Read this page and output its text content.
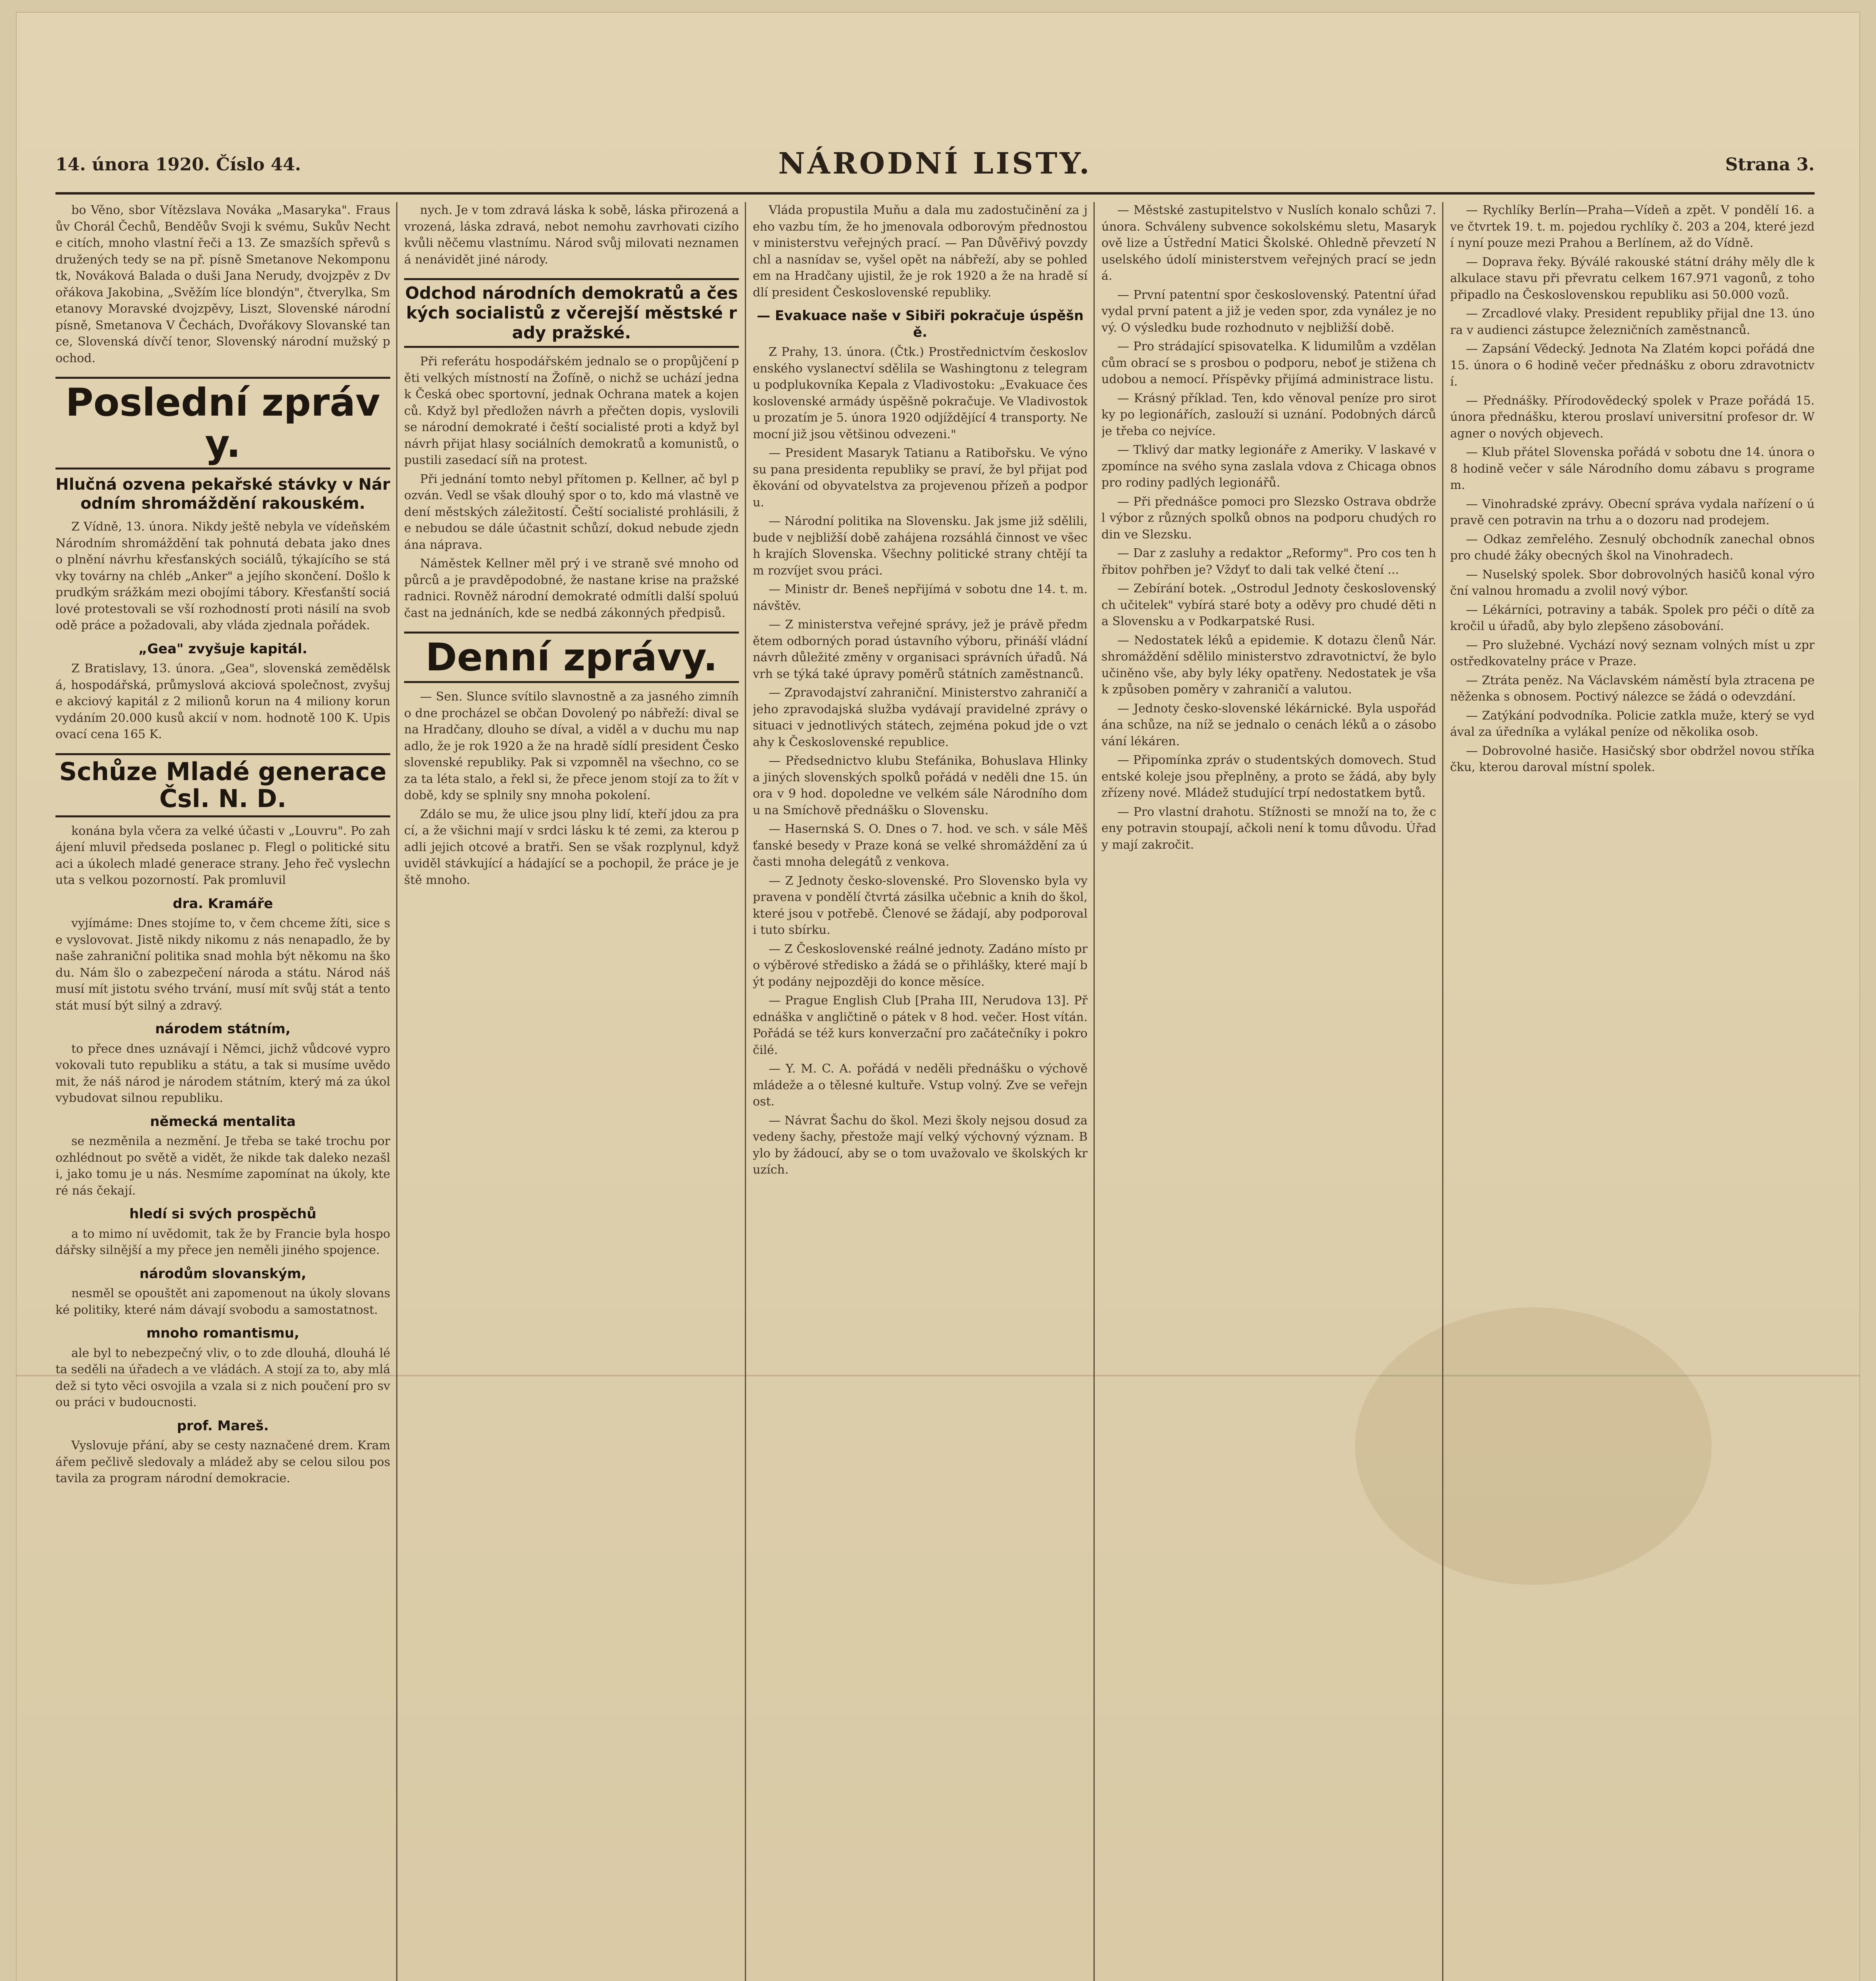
14. února 1920. Číslo 44.	NÁRODNÍ LISTY.	Strana 3.

bo Věno, sbor Vítězslava Nováka „Masaryka". Frausův Chorál Čechů, Benděův Svoji k svému, Sukův Nechte citích, mnoho vlastní řeči a 13. Ze smazších spřevů sdružených tedy se na př. písně Smetanove Nekomponutk, Nováková Balada o duši Jana Nerudy, dvojzpěv z Dvořákova Jakobina, „Svěžím líce blondýn", čtverylka, Smetanovy Moravské dvojzpěvy, Liszt, Slovenské národní písně, Smetanova V Čechách, Dvořákovy Slovanské tance, Slovenská dívčí tenor, Slovenský národní mužský pochod.

Poslední zprávy.
Hlučná ozvena pekařské stávky v Národním shromáždění rakouském.

Z Vídně, 13. února. Nikdy ještě nebyla ve vídeňském Národním shromáždění tak pohnutá debata jako dnes o plnění návrhu křesťanských sociálů, týkajícího se stávky továrny na chléb „Anker" a jejího skončení. Došlo k prudkým srážkám mezi obojími tábory. Křesťanští sociálové protestovali se vší rozhodností proti násilí na svobodě práce a požadovali, aby vláda zjednala pořádek.

„Gea" zvyšuje kapitál.

Z Bratislavy, 13. února. „Gea", slovenská zemědělská, hospodářská, průmyslová akciová společnost, zvyšuje akciový kapitál z 2 milionů korun na 4 miliony korun vydáním 20.000 kusů akcií v nom. hodnotě 100 K. Upisovací cena 165 K.

Schůze Mladé generace Čsl. N. D.

konána byla včera za velké účasti v „Louvru". Po zahájení mluvil předseda poslanec p. Flegl o politické situaci a úkolech mladé generace strany. Jeho řeč vyslechnuta s velkou pozorností. Pak promluvil

dra. Kramáře

vyjímáme: Dnes stojíme to, v čem chceme žíti, sice se vyslovovat. Jistě nikdy nikomu z nás nenapadlo, že by naše zahraniční politika snad mohla být někomu na škodu. Nám šlo o zabezpečení národa a státu. Národ náš musí mít jistotu svého trvání, musí mít svůj stát a tento stát musí být silný a zdravý.

národem státním,

to přece dnes uznávají i Němci, jichž vůdcové vyprovokovali tuto republiku a státu, a tak si musíme uvědomit, že náš národ je národem státním, který má za úkol vybudovat silnou republiku.

německá mentalita

se nezměnila a nezmění. Je třeba se také trochu porozhlédnout po světě a vidět, že nikde tak daleko nezašli, jako tomu je u nás. Nesmíme zapomínat na úkoly, které nás čekají.

hledí si svých prospěchů

a to mimo ní uvědomit, tak že by Francie byla hospodářsky silnější a my přece jen neměli jiného spojence.

národům slovanským,

nesměl se opouštět ani zapomenout na úkoly slovanské politiky, které nám dávají svobodu a samostatnost.

mnoho romantismu,

ale byl to nebezpečný vliv, o to zde dlouhá, dlouhá léta seděli na úřadech a ve vládách. A stojí za to, aby mládež si tyto věci osvojila a vzala si z nich poučení pro svou práci v budoucnosti.

prof. Mareš.

Vyslovuje přání, aby se cesty naznačené drem. Kramářem pečlivě sledovaly a mládež aby se celou silou postavila za program národní demokracie.

nych. Je v tom zdravá láska k sobě, láska přirozená a vrozená, láska zdravá, nebot nemohu zavrhovati cizího kvůli něčemu vlastnímu. Národ svůj milovati neznamená nenávidět jiné národy.

Odchod národních demokratů a českých socialistů z včerejší městské rady pražské.

Při referátu hospodářském jednalo se o propůjčení pěti velkých místností na Žofíně, o nichž se uchází jednak Česká obec sportovní, jednak Ochrana matek a kojenců. Když byl předložen návrh a přečten dopis, vyslovili se národní demokraté i čeští socialisté proti a když byl návrh přijat hlasy sociálních demokratů a komunistů, opustili zasedací síň na protest.

Při jednání tomto nebyl přítomen p. Kellner, ač byl pozván. Vedl se však dlouhý spor o to, kdo má vlastně vedení městských záležitostí. Čeští socialisté prohlásili, že nebudou se dále účastnit schůzí, dokud nebude zjednána náprava.

Náměstek Kellner měl prý i ve straně své mnoho odpůrců a je pravděpodobné, že nastane krise na pražské radnici. Rovněž národní demokraté odmítli další spoluúčast na jednáních, kde se nedbá zákonných předpisů.

Denní zprávy.

— Sen. Slunce svítilo slavnostně a za jasného zimního dne procházel se občan Dovolený po nábřeží: dival se na Hradčany, dlouho se díval, a viděl a v duchu mu napadlo, že je rok 1920 a že na hradě sídlí president Československé republiky. Pak si vzpomněl na všechno, co se za ta léta stalo, a řekl si, že přece jenom stojí za to žít v době, kdy se splnily sny mnoha pokolení.

Zdálo se mu, že ulice jsou plny lidí, kteří jdou za prací, a že všichni mají v srdci lásku k té zemi, za kterou padli jejich otcové a bratři. Sen se však rozplynul, když uviděl stávkující a hádající se a pochopil, že práce je ještě mnoho.

Vláda propustila Muňu a dala mu zadostučinění za jeho vazbu tím, že ho jmenovala odborovým přednostou v ministerstvu veřejných prací. — Pan Důvěřivý povzdychl a nasnídav se, vyšel opět na nábřeží, aby se pohledem na Hradčany ujistil, že je rok 1920 a že na hradě sídlí president Československé republiky.

— Evakuace naše v Sibiři pokračuje úspěšně.

Z Prahy, 13. února. (Čtk.) Prostřednictvím československého vyslanectví sdělila se Washingtonu z telegramu podplukovníka Kepala z Vladivostoku: „Evakuace československé armády úspěšně pokračuje. Ve Vladivostoku prozatím je 5. února 1920 odjíždějící 4 transporty. Nemocní již jsou většinou odvezeni."

— President Masaryk Tatianu a Ratibořsku. Ve výnosu pana presidenta republiky se praví, že byl přijat poděkování od obyvatelstva za projevenou přízeň a podporu.

— Národní politika na Slovensku. Jak jsme již sdělili, bude v nejbližší době zahájena rozsáhlá činnost ve všech krajích Slovenska. Všechny politické strany chtějí tam rozvíjet svou práci.

— Ministr dr. Beneš nepřijímá v sobotu dne 14. t. m. návštěv.

— Z ministerstva veřejné správy, jež je právě předmětem odborných porad ústavního výboru, přináší vládní návrh důležité změny v organisaci správních úřadů. Návrh se týká také úpravy poměrů státních zaměstnanců.

— Zpravodajství zahraniční. Ministerstvo zahraničí a jeho zpravodajská služba vydávají pravidelné zprávy o situaci v jednotlivých státech, zejména pokud jde o vztahy k Československé republice.

— Předsednictvo klubu Stefánika, Bohuslava Hlinky a jiných slovenských spolků pořádá v neděli dne 15. února v 9 hod. dopoledne ve velkém sále Národního domu na Smíchově přednášku o Slovensku.

— Hasernská S. O. Dnes o 7. hod. ve sch. v sále Měšťanské besedy v Praze koná se velké shromáždění za účasti mnoha delegátů z venkova.

— Z Jednoty česko-slovenské. Pro Slovensko byla vypravena v pondělí čtvrtá zásilka učebnic a knih do škol, které jsou v potřebě. Členové se žádají, aby podporovali tuto sbírku.

— Z Československé reálné jednoty. Zadáno místo pro výběrové středisko a žádá se o přihlášky, které mají být podány nejpozději do konce měsíce.

— Prague English Club [Praha III, Nerudova 13]. Přednáška v angličtině o pátek v 8 hod. večer. Host vítán. Pořádá se též kurs konverzační pro začátečníky i pokročilé.

— Y. M. C. A. pořádá v neděli přednášku o výchově mládeže a o tělesné kultuře. Vstup volný. Zve se veřejnost.

— Návrat Šachu do škol. Mezi školy nejsou dosud zavedeny šachy, přestože mají velký výchovný význam. Bylo by žádoucí, aby se o tom uvažovalo ve školských kruzích.

— Městské zastupitelstvo v Nuslích konalo schůzi 7. února. Schváleny subvence sokolskému sletu, Masarykově lize a Ústřední Matici Školské. Ohledně převzetí Nuselského údolí ministerstvem veřejných prací se jedná.

— První patentní spor československý. Patentní úřad vydal první patent a již je veden spor, zda vynález je nový. O výsledku bude rozhodnuto v nejbližší době.

— Pro strádající spisovatelka. K lidumilům a vzdělancům obrací se s prosbou o podporu, neboť je stižena chudobou a nemocí. Příspěvky přijímá administrace listu.

— Krásný příklad. Ten, kdo věnoval peníze pro sirotky po legionářích, zaslouží si uznání. Podobných dárců je třeba co nejvíce.

— Tklivý dar matky legionáře z Ameriky. V laskavé vzpomínce na svého syna zaslala vdova z Chicaga obnos pro rodiny padlých legionářů.

— Při přednášce pomoci pro Slezsko Ostrava obdržel výbor z různých spolků obnos na podporu chudých rodin ve Slezsku.

— Dar z zasluhy a redaktor „Reformy". Pro cos ten hřbitov pohřben je? Vždyť to dali tak velké čtení ...

— Zebírání botek. „Ostrodul Jednoty československých učitelek" vybírá staré boty a oděvy pro chudé děti na Slovensku a v Podkarpatské Rusi.

— Nedostatek léků a epidemie. K dotazu členů Nár. shromáždění sdělilo ministerstvo zdravotnictví, že bylo učiněno vše, aby byly léky opatřeny. Nedostatek je však způsoben poměry v zahraničí a valutou.

— Jednoty česko-slovenské lékárnické. Byla uspořádána schůze, na níž se jednalo o cenách léků a o zásobování lékáren.

— Připomínka zpráv o studentských domovech. Studentské koleje jsou přeplněny, a proto se žádá, aby byly zřízeny nové. Mládež studující trpí nedostatkem bytů.

— Pro vlastní drahotu. Stížnosti se množí na to, že ceny potravin stoupají, ačkoli není k tomu důvodu. Úřady mají zakročit.

— Rychlíky Berlín—Praha—Vídeň a zpět. V pondělí 16. a ve čtvrtek 19. t. m. pojedou rychlíky č. 203 a 204, které jezdí nyní pouze mezi Prahou a Berlínem, až do Vídně.

— Doprava řeky. Býválé rakouské státní dráhy měly dle kalkulace stavu při převratu celkem 167.971 vagonů, z toho připadlo na Československou republiku asi 50.000 vozů.

— Zrcadlové vlaky. President republiky přijal dne 13. února v audienci zástupce železničních zaměstnanců.

— Zapsání Vědecký. Jednota Na Zlatém kopci pořádá dne 15. února o 6 hodině večer přednášku z oboru zdravotnictví.

— Přednášky. Přírodovědecký spolek v Praze pořádá 15. února přednášku, kterou proslaví universitní profesor dr. Wagner o nových objevech.

— Klub přátel Slovenska pořádá v sobotu dne 14. února o 8 hodině večer v sále Národního domu zábavu s programem.

— Vinohradské zprávy. Obecní správa vydala nařízení o úpravě cen potravin na trhu a o dozoru nad prodejem.

— Odkaz zemřelého. Zesnulý obchodník zanechal obnos pro chudé žáky obecných škol na Vinohradech.

— Nuselský spolek. Sbor dobrovolných hasičů konal výroční valnou hromadu a zvolil nový výbor.

— Lékárníci, potraviny a tabák. Spolek pro péči o dítě zakročil u úřadů, aby bylo zlepšeno zásobování.

— Pro služebné. Vychází nový seznam volných míst u zprostředkovatelny práce v Praze.

— Ztráta peněz. Na Václavském náměstí byla ztracena peněženka s obnosem. Poctivý nálezce se žádá o odevzdání.

— Zatýkání podvodníka. Policie zatkla muže, který se vydával za úředníka a vylákal peníze od několika osob.

— Dobrovolné hasiče. Hasičský sbor obdržel novou stříkačku, kterou daroval místní spolek.
